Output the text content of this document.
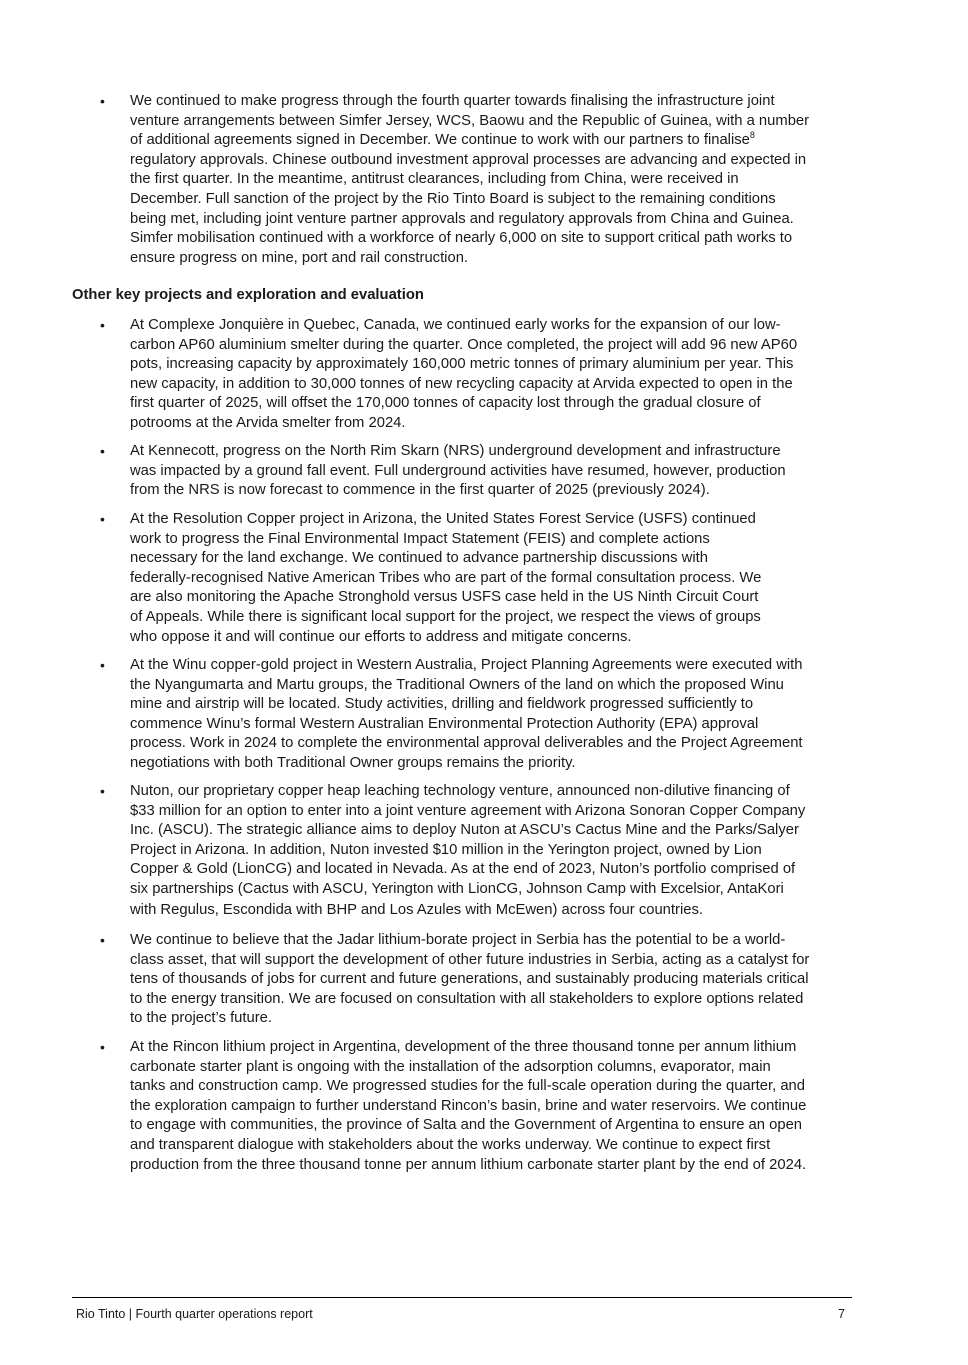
• We continued to make progress through the fourth quarter towards finalising the infrastructure joint
venture arrangements between Simfer Jersey, WCS, Baowu and the Republic of Guinea, with a number
of additional agreements signed in December. We continue to work with our partners to finalise$^8$
regulatory approvals. Chinese outbound investment approval processes are advancing and expected in
the first quarter. In the meantime, antitrust clearances, including from China, were received in
December. Full sanction of the project by the Rio Tinto Board is subject to the remaining conditions
being met, including joint venture partner approvals and regulatory approvals from China and Guinea.
Simfer mobilisation continued with a workforce of nearly 6,000 on site to support critical path works to
ensure progress on mine, port and rail construction.
Other key projects and exploration and evaluation
• At Complexe Jonquière in Quebec, Canada, we continued early works for the expansion of our low-
carbon AP60 aluminium smelter during the quarter. Once completed, the project will add 96 new AP60
pots, increasing capacity by approximately 160,000 metric tonnes of primary aluminium per year. This
new capacity, in addition to 30,000 tonnes of new recycling capacity at Arvida expected to open in the
first quarter of 2025, will offset the 170,000 tonnes of capacity lost through the gradual closure of
potrooms at the Arvida smelter from 2024.
• At Kennecott, progress on the North Rim Skarn (NRS) underground development and infrastructure
was impacted by a ground fall event. Full underground activities have resumed, however, production
from the NRS is now forecast to commence in the first quarter of 2025 (previously 2024).
• At the Resolution Copper project in Arizona, the United States Forest Service (USFS) continued
work to progress the Final Environmental Impact Statement (FEIS) and complete actions
necessary for the land exchange. We continued to advance partnership discussions with
federally-recognised Native American Tribes who are part of the formal consultation process. We
are also monitoring the Apache Stronghold versus USFS case held in the US Ninth Circuit Court
of Appeals. While there is significant local support for the project, we respect the views of groups
who oppose it and will continue our efforts to address and mitigate concerns.
• At the Winu copper-gold project in Western Australia, Project Planning Agreements were executed with
the Nyangumarta and Martu groups, the Traditional Owners of the land on which the proposed Winu
mine and airstrip will be located. Study activities, drilling and fieldwork progressed sufficiently to
commence Winu’s formal Western Australian Environmental Protection Authority (EPA) approval
process. Work in 2024 to complete the environmental approval deliverables and the Project Agreement
negotiations with both Traditional Owner groups remains the priority.
• Nuton, our proprietary copper heap leaching technology venture, announced non-dilutive financing of
$33 million for an option to enter into a joint venture agreement with Arizona Sonoran Copper Company
Inc. (ASCU). The strategic alliance aims to deploy Nuton at ASCU’s Cactus Mine and the Parks/Salyer
Project in Arizona. In addition, Nuton invested $10 million in the Yerington project, owned by Lion
Copper & Gold (LionCG) and located in Nevada. As at the end of 2023, Nuton’s portfolio comprised of
six partnerships (Cactus with ASCU, Yerington with LionCG, Johnson Camp with Excelsior, AntaKori
with Regulus, Escondida with BHP and Los Azules with McEwen) across four countries.
• We continue to believe that the Jadar lithium-borate project in Serbia has the potential to be a world-
class asset, that will support the development of other future industries in Serbia, acting as a catalyst for
tens of thousands of jobs for current and future generations, and sustainably producing materials critical
to the energy transition. We are focused on consultation with all stakeholders to explore options related
to the project’s future.
• At the Rincon lithium project in Argentina, development of the three thousand tonne per annum lithium
carbonate starter plant is ongoing with the installation of the adsorption columns, evaporator, main
tanks and construction camp. We progressed studies for the full-scale operation during the quarter, and
the exploration campaign to further understand Rincon’s basin, brine and water reservoirs. We continue
to engage with communities, the province of Salta and the Government of Argentina to ensure an open
and transparent dialogue with stakeholders about the works underway. We continue to expect first
production from the three thousand tonne per annum lithium carbonate starter plant by the end of 2024.
Rio Tinto | Fourth quarter operations report	7
